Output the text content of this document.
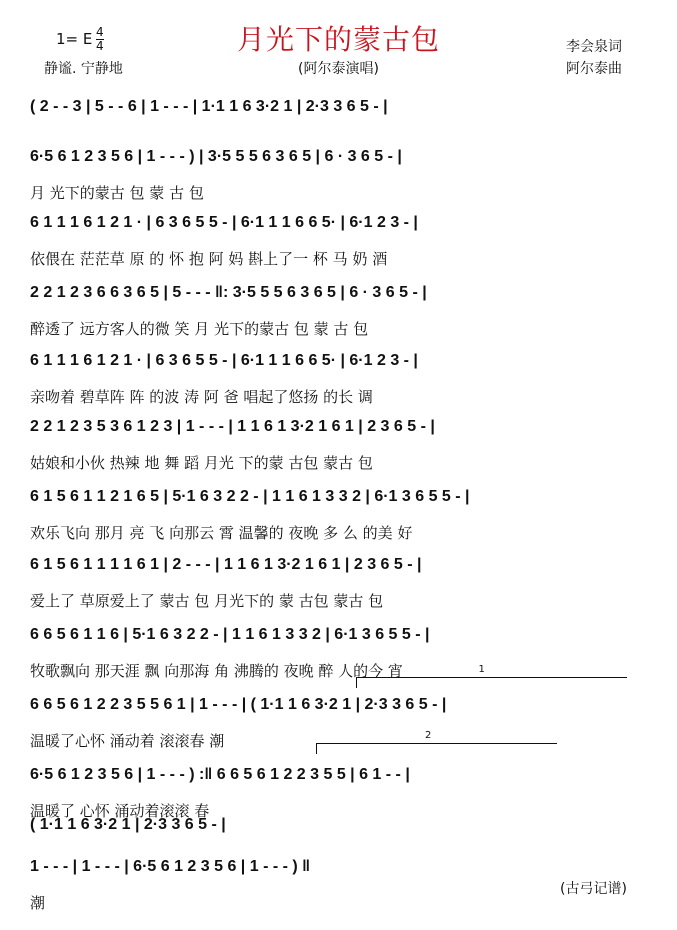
月光下的蒙古包
1= E 4
4
静谧. 宁静地	(阿尔泰演唱)
李会泉词
阿尔泰曲
( 2 - - 3 | 5 - - 6 | 1 - - - | 1·1 1 6 3·2 1 | 2·3 3 6 5 - |
6·5 6 1 2 3 5 6 | 1 - - - ) | 3·5 5 5 6 3 6 5 | 6 · 3 6 5 - |
月 光下的蒙古 包 蒙 古 包
6 1 1 1 6 1 2 1 · | 6 3 6 5 5 - | 6·1 1 1 6 6 5· | 6·1 2 3 - |
依偎在 茫茫草 原 的 怀 抱 阿 妈 斟上了一 杯 马 奶 酒
2 2 1 2 3 6 6 3 6 5 | 5 - - - ‖: 3·5 5 5 6 3 6 5 | 6 · 3 6 5 - |
醉透了 远方客人的微 笑 月 光下的蒙古 包 蒙 古 包
6 1 1 1 6 1 2 1 · | 6 3 6 5 5 - | 6·1 1 1 6 6 5· | 6·1 2 3 - |
亲吻着 碧草阵 阵 的波 涛 阿 爸 唱起了悠扬 的长 调
2 2 1 2 3 5 3 6 1 2 3 | 1 - - - | 1 1 6 1 3·2 1 6 1 | 2 3 6 5 - |
姑娘和小伙 热辣 地 舞 蹈 月光 下的蒙 古包 蒙古 包
6 1 5 6 1 1 2 1 6 5 | 5·1 6 3 2 2 - | 1 1 6 1 3 3 2 | 6·1 3 6 5 5 - |
欢乐飞向 那月 亮 飞 向那云 霄 温馨的 夜晚 多 么 的美 好
6 1 5 6 1 1 1 1 6 1 | 2 - - - | 1 1 6 1 3·2 1 6 1 | 2 3 6 5 - |
爱上了 草原爱上了 蒙古 包 月光下的 蒙 古包 蒙古 包
6 6 5 6 1 1 6 | 5·1 6 3 2 2 - | 1 1 6 1 3 3 2 | 6·1 3 6 5 5 - |
牧歌飘向 那天涯 飘 向那海 角 沸腾的 夜晚 醉 人的今 宵
6 6 5 6 1 2 2 3 5 5 6 1 | 1 - - - | ( 1·1 1 6 3·2 1 | 2·3 3 6 5 - |
温暖了心怀 涌动着 滚滚春 潮
6·5 6 1 2 3 5 6 | 1 - - - ) :‖ 6 6 5 6 1 2 2 3 5 5 | 6 1 - - |
温暖了 心怀 涌动着滚滚 春
( 1·1 1 6 3·2 1 | 2·3 3 6 5 - |
1 - - - | 1 - - - | 6·5 6 1 2 3 5 6 | 1 - - - ) ‖
潮
1
2
(古弓记谱)
